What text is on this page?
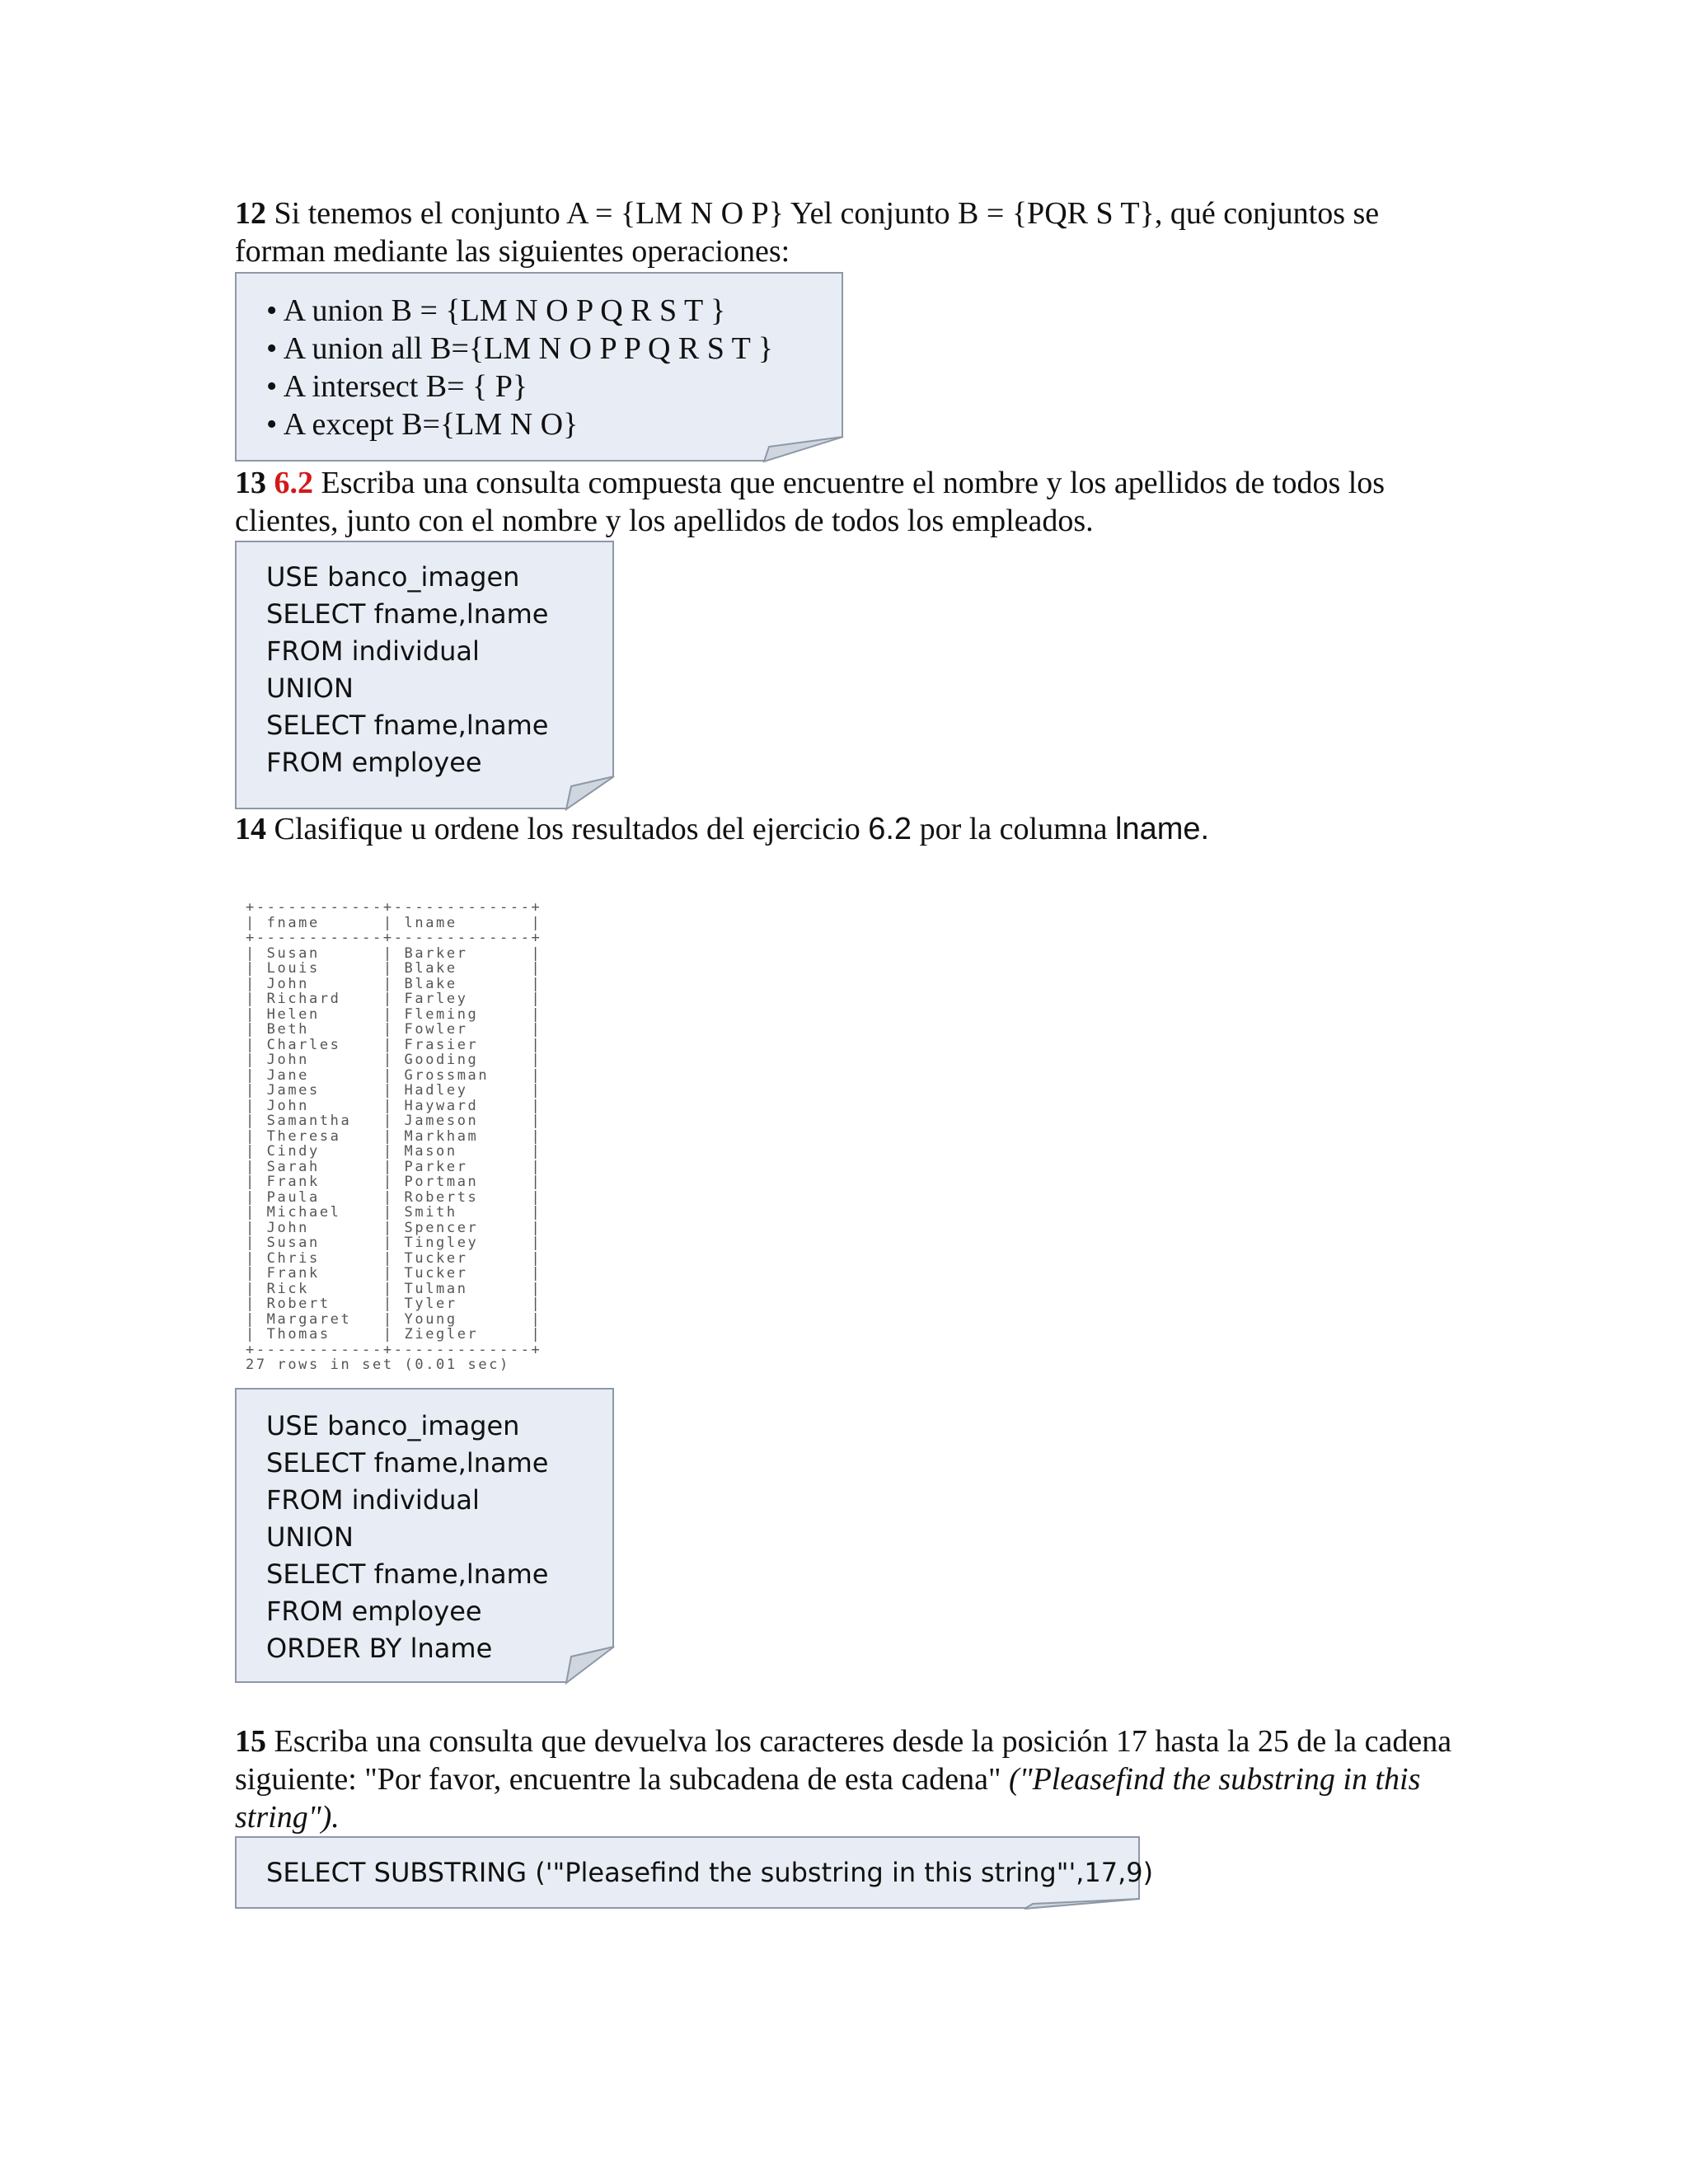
12 Si tenemos el conjunto A = {LM N O P} Yel conjunto B = {PQR S T}, qué conjuntos se forman mediante las siguientes operaciones:

• A union B = {LM N O P Q R S T }
• A union all B={LM N O P P Q R S T }
• A intersect B= { P}
• A except B={LM N O}

13 6.2 Escriba una consulta compuesta que encuentre el nombre y los apellidos de todos los clientes, junto con el nombre y los apellidos de todos los empleados.

USE banco_imagen
SELECT fname,lname
FROM individual
UNION
SELECT fname,lname
FROM employee

14 Clasifique u ordene los resultados del ejercicio 6.2 por la columna lname.

+------------+-------------+
| fname      | lname       |
+------------+-------------+
| Susan      | Barker      |
| Louis      | Blake       |
| John       | Blake       |
| Richard    | Farley      |
| Helen      | Fleming     |
| Beth       | Fowler      |
| Charles    | Frasier     |
| John       | Gooding     |
| Jane       | Grossman    |
| James      | Hadley      |
| John       | Hayward     |
| Samantha   | Jameson     |
| Theresa    | Markham     |
| Cindy      | Mason       |
| Sarah      | Parker      |
| Frank      | Portman     |
| Paula      | Roberts     |
| Michael    | Smith       |
| John       | Spencer     |
| Susan      | Tingley     |
| Chris      | Tucker      |
| Frank      | Tucker      |
| Rick       | Tulman      |
| Robert     | Tyler       |
| Margaret   | Young       |
| Thomas     | Ziegler     |
+------------+-------------+
27 rows in set (0.01 sec)
USE banco_imagen
SELECT fname,lname
FROM individual
UNION
SELECT fname,lname
FROM employee
ORDER BY lname

15 Escriba una consulta que devuelva los caracteres desde la posición 17 hasta la 25 de la cadena siguiente: "Por favor, encuentre la subcadena de esta cadena" ("Pleasefind the substring in this string").

SELECT SUBSTRING ('"Pleasefind the substring in this string"',17,9)
